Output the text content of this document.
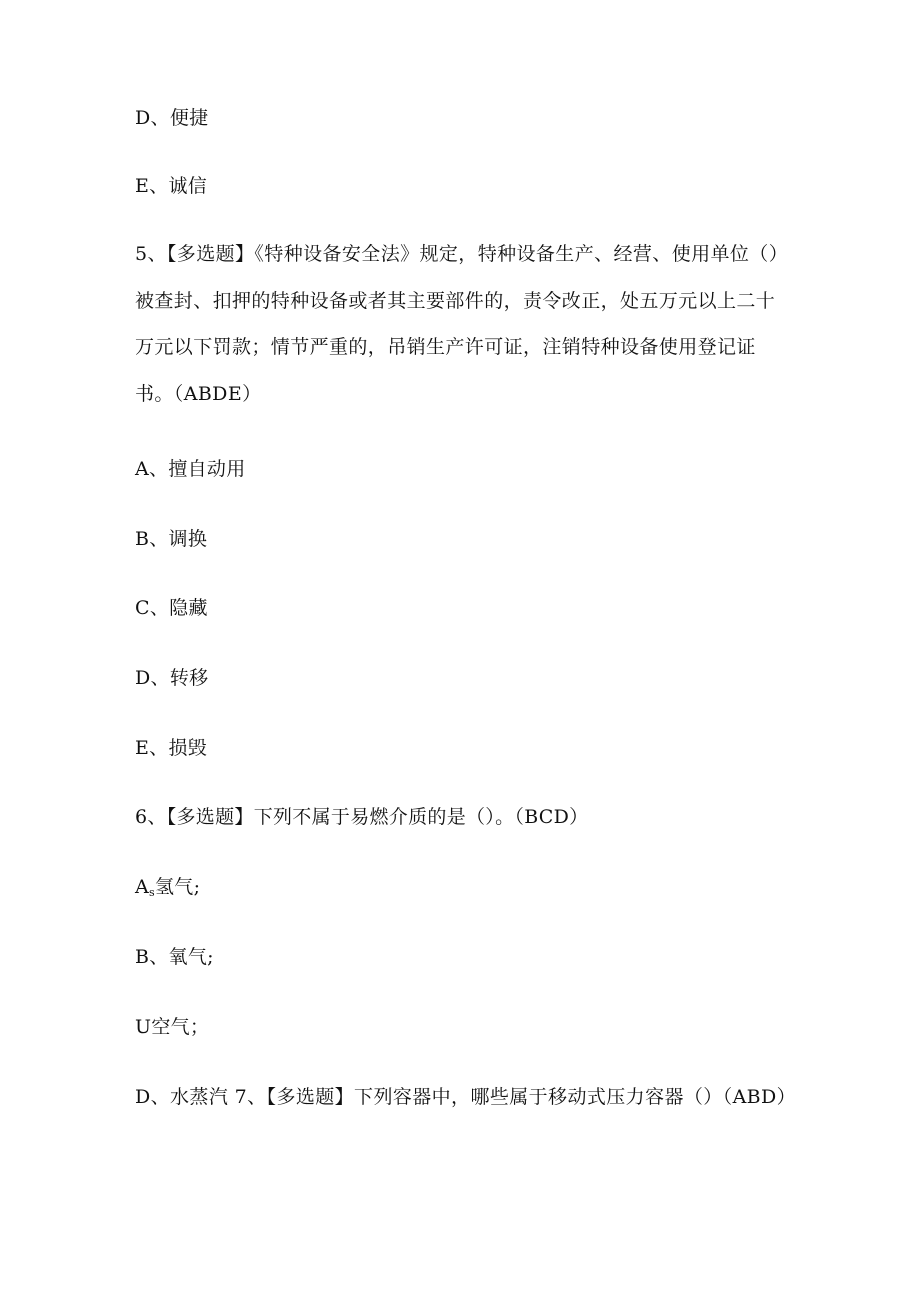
D、便捷
E、诚信
5、【多选题】《特种设备安全法》规定，特种设备生产、经营、使用单位（）被查封、扣押的特种设备或者其主要部件的，责令改正，处五万元以上二十万元以下罚款；情节严重的，吊销生产许可证，注销特种设备使用登记证书。（ABDE）
A、擅自动用
B、调换
C、隐藏
D、转移
E、损毁
6、【多选题】下列不属于易燃介质的是（）。（BCD）
$A_s$氢气;
B、氧气;
U空气；
D、水蒸汽 7、【多选题】下列容器中，哪些属于移动式压力容器（）（ABD）
